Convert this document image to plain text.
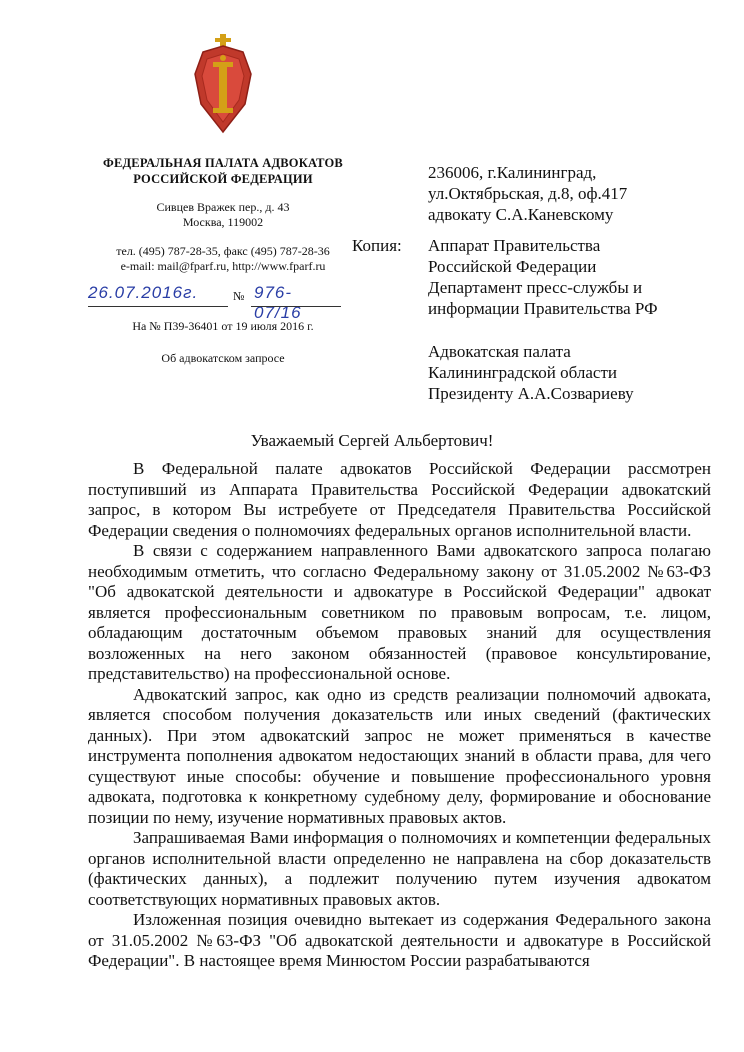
ФЕДЕРАЛЬНАЯ ПАЛАТА АДВОКАТОВ
РОССИЙСКОЙ ФЕДЕРАЦИИ
Сивцев Вражек пер., д. 43
Москва, 119002
тел. (495) 787-28-35, факс (495) 787-28-36
e-mail: mail@fparf.ru, http://www.fparf.ru
26.07.2016г.	№ 976-07/16
На № П39-36401 от 19 июля 2016 г.
Об адвокатском запросе
236006, г.Калининград,
ул.Октябрьская, д.8, оф.417
адвокату С.А.Каневскому
Копия: Аппарат Правительства
Российской Федерации
Департамент пресс-службы и
информации Правительства РФ
Адвокатская палата
Калининградской области
Президенту А.А.Созвариеву
Уважаемый Сергей Альбертович!

В Федеральной палате адвокатов Российской Федерации рассмотрен поступивший из Аппарата Правительства Российской Федерации адвокатский запрос, в котором Вы истребуете от Председателя Правительства Российской Федерации сведения о полномочиях федеральных органов исполнительной власти.

В связи с содержанием направленного Вами адвокатского запроса полагаю необходимым отметить, что согласно Федеральному закону от 31.05.2002 №63-ФЗ "Об адвокатской деятельности и адвокатуре в Российской Федерации" адвокат является профессиональным советником по правовым вопросам, т.е. лицом, обладающим достаточным объемом правовых знаний для осуществления возложенных на него законом обязанностей (правовое консультирование, представительство) на профессиональной основе.

Адвокатский запрос, как одно из средств реализации полномочий адвоката, является способом получения доказательств или иных сведений (фактических данных). При этом адвокатский запрос не может применяться в качестве инструмента пополнения адвокатом недостающих знаний в области права, для чего существуют иные способы: обучение и повышение профессионального уровня адвоката, подготовка к конкретному судебному делу, формирование и обоснование позиции по нему, изучение нормативных правовых актов.

Запрашиваемая Вами информация о полномочиях и компетенции федеральных органов исполнительной власти определенно не направлена на сбор доказательств (фактических данных), а подлежит получению путем изучения адвокатом соответствующих нормативных правовых актов.

Изложенная позиция очевидно вытекает из содержания Федерального закона от 31.05.2002 №63-ФЗ "Об адвокатской деятельности и адвокатуре в Российской Федерации". В настоящее время Минюстом России разрабатываются
